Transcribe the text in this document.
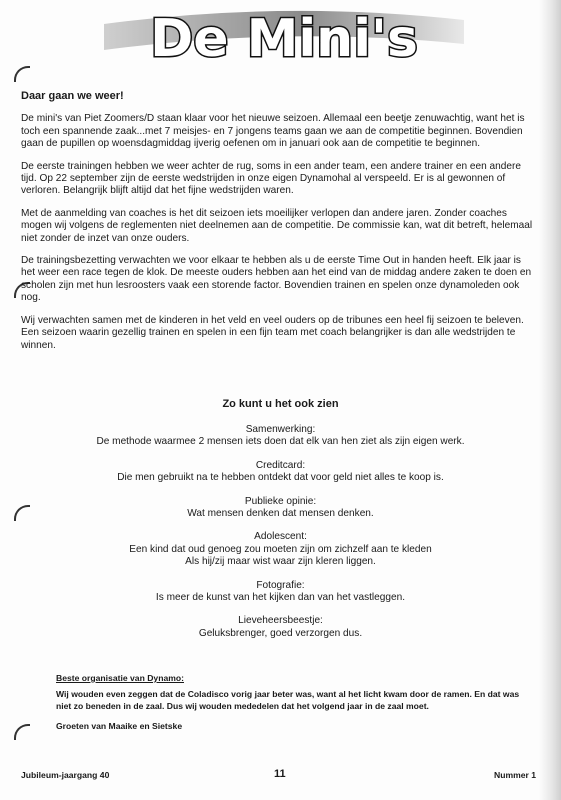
De Mini's
Daar gaan we weer!

De mini's van Piet Zoomers/D staan klaar voor het nieuwe seizoen. Allemaal een beetje zenuwachtig, want het is toch een spannende zaak...met 7 meisjes- en 7 jongens teams gaan we aan de competitie beginnen. Bovendien gaan de pupillen op woensdagmiddag ijverig oefenen om in januari ook aan de competitie te beginnen.

De eerste trainingen hebben we weer achter de rug, soms in een ander team, een andere trainer en een andere tijd. Op 22 september zijn de eerste wedstrijden in onze eigen Dynamohal al verspeeld. Er is al gewonnen of verloren. Belangrijk blijft altijd dat het fijne wedstrijden waren.

Met de aanmelding van coaches is het dit seizoen iets moeilijker verlopen dan andere jaren. Zonder coaches mogen wij volgens de reglementen niet deelnemen aan de competitie. De commissie kan, wat dit betreft, helemaal niet zonder de inzet van onze ouders.

De trainingsbezetting verwachten we voor elkaar te hebben als u de eerste Time Out in handen heeft. Elk jaar is het weer een race tegen de klok. De meeste ouders hebben aan het eind van de middag andere zaken te doen en scholen zijn met hun lesroosters vaak een storende factor. Bovendien trainen en spelen onze dynamoleden ook nog.

Wij verwachten samen met de kinderen in het veld en veel ouders op de tribunes een heel fij seizoen te beleven. Een seizoen waarin gezellig trainen en spelen in een fijn team met coach belangrijker is dan alle wedstrijden te winnen.

Zo kunt u het ook zien
Samenwerking:
De methode waarmee 2 mensen iets doen dat elk van hen ziet als zijn eigen werk.
Creditcard:
Die men gebruikt na te hebben ontdekt dat voor geld niet alles te koop is.
Publieke opinie:
Wat mensen denken dat mensen denken.
Adolescent:
Een kind dat oud genoeg zou moeten zijn om zichzelf aan te kleden
Als hij/zij maar wist waar zijn kleren liggen.
Fotografie:
Is meer de kunst van het kijken dan van het vastleggen.
Lieveheersbeestje:
Geluksbrenger, goed verzorgen dus.
Beste organisatie van Dynamo:
Wij wouden even zeggen dat de Coladisco vorig jaar beter was, want al het licht kwam door de ramen. En dat was niet zo beneden in de zaal. Dus wij wouden mededelen dat het volgend jaar in de zaal moet.
Groeten van Maaike en Sietske
Jubileum-jaargang 40	11	Nummer 1
